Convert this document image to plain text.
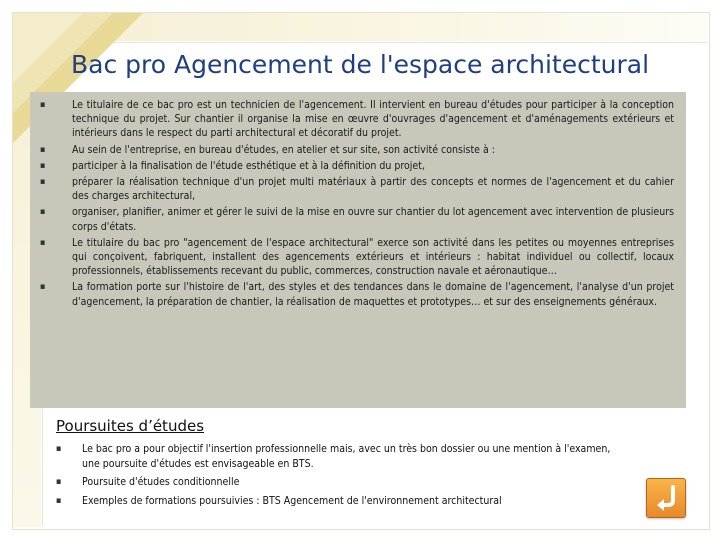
Bac pro Agencement de l'espace architectural
▪	Le titulaire de ce bac pro est un technicien de l'agencement. Il intervient en bureau d'études pour participer à la conception technique du projet. Sur chantier il organise la mise en œuvre d'ouvrages d'agencement et d'aménagements extérieurs et intérieurs dans le respect du parti architectural et décoratif du projet.
▪	Au sein de l'entreprise, en bureau d'études, en atelier et sur site, son activité consiste à :
▪	participer à la finalisation de l'étude esthétique et à la définition du projet,
▪	préparer la réalisation technique d'un projet multi matériaux à partir des concepts et normes de l'agencement et du cahier des charges architectural,
▪	organiser, planifier, animer et gérer le suivi de la mise en ouvre sur chantier du lot agencement avec intervention de plusieurs corps d'états.
▪	Le titulaire du bac pro "agencement de l'espace architectural" exerce son activité dans les petites ou moyennes entreprises qui conçoivent, fabriquent, installent des agencements extérieurs et intérieurs : habitat individuel ou collectif, locaux professionnels, établissements recevant du public, commerces, construction navale et aéronautique…
▪	La formation porte sur l'histoire de l'art, des styles et des tendances dans le domaine de l'agencement, l'analyse d'un projet d'agencement, la préparation de chantier, la réalisation de maquettes et prototypes… et sur des enseignements généraux.
Poursuites d’études
▪ Le bac pro a pour objectif l'insertion professionnelle mais, avec un très bon dossier ou une mention à l'examen, une poursuite d'études est envisageable en BTS.
▪ Poursuite d'études conditionnelle
▪ Exemples de formations poursuivies : BTS Agencement de l'environnement architectural
